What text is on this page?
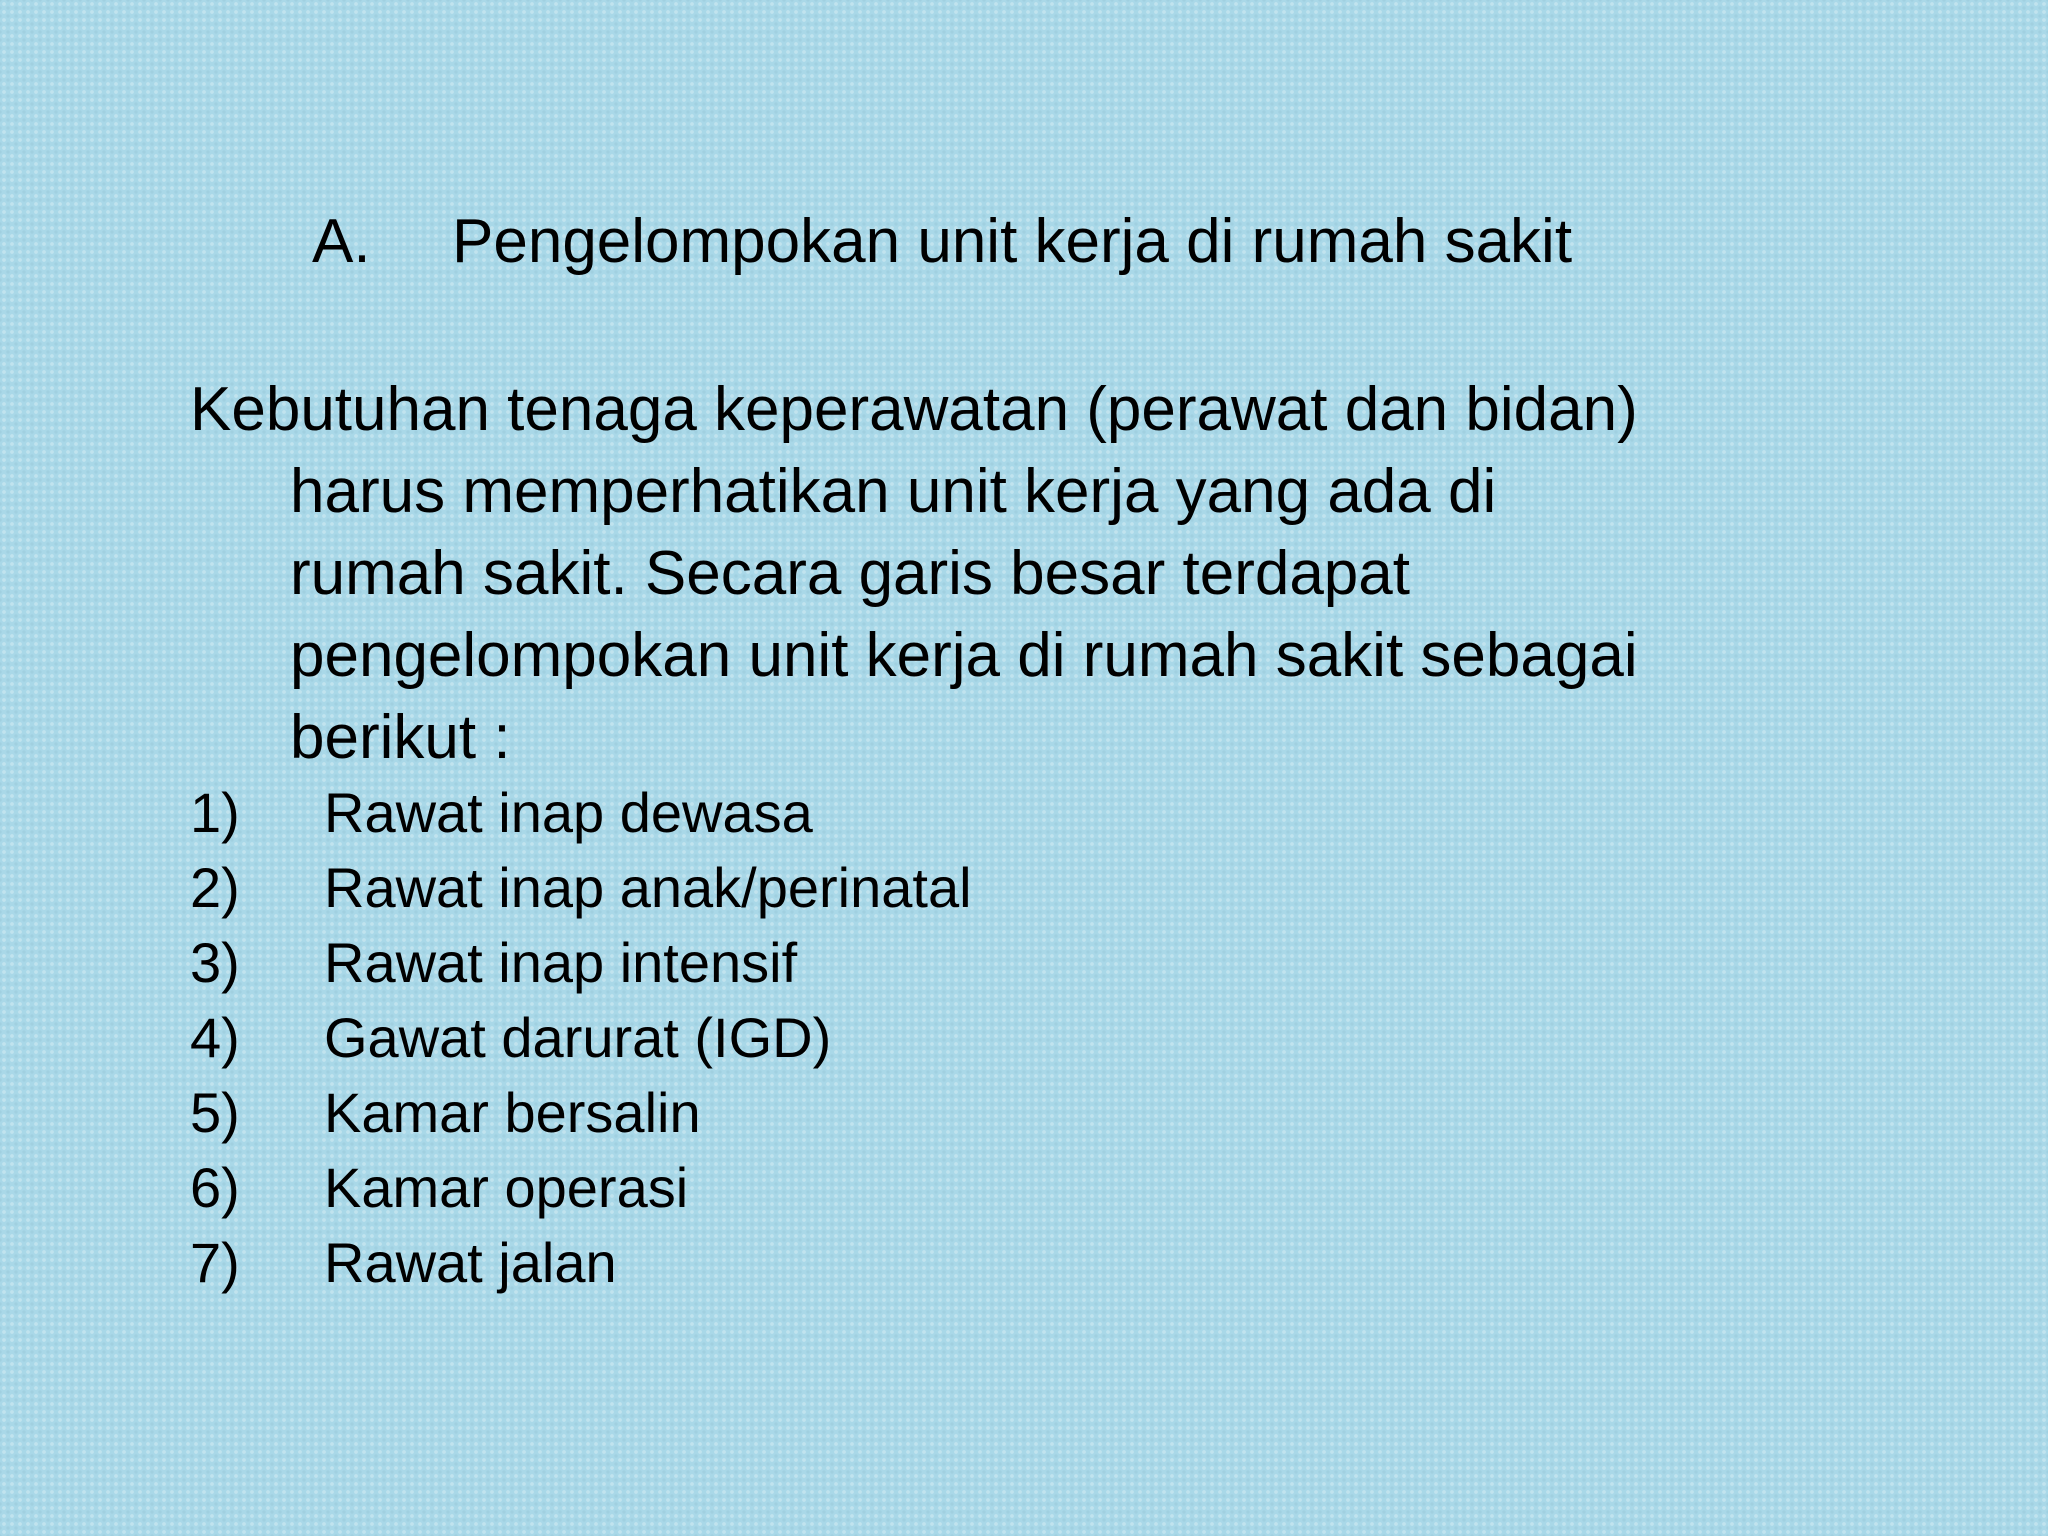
A. Pengelompokan unit kerja di rumah sakit

Kebutuhan tenaga keperawatan (perawat dan bidan)
harus memperhatikan unit kerja yang ada di
rumah sakit. Secara garis besar terdapat
pengelompokan unit kerja di rumah sakit sebagai
berikut :

1)	Rawat inap dewasa
2)	Rawat inap anak/perinatal
3)	Rawat inap intensif
4)	Gawat darurat (IGD)
5)	Kamar bersalin
6)	Kamar operasi
7)	Rawat jalan
